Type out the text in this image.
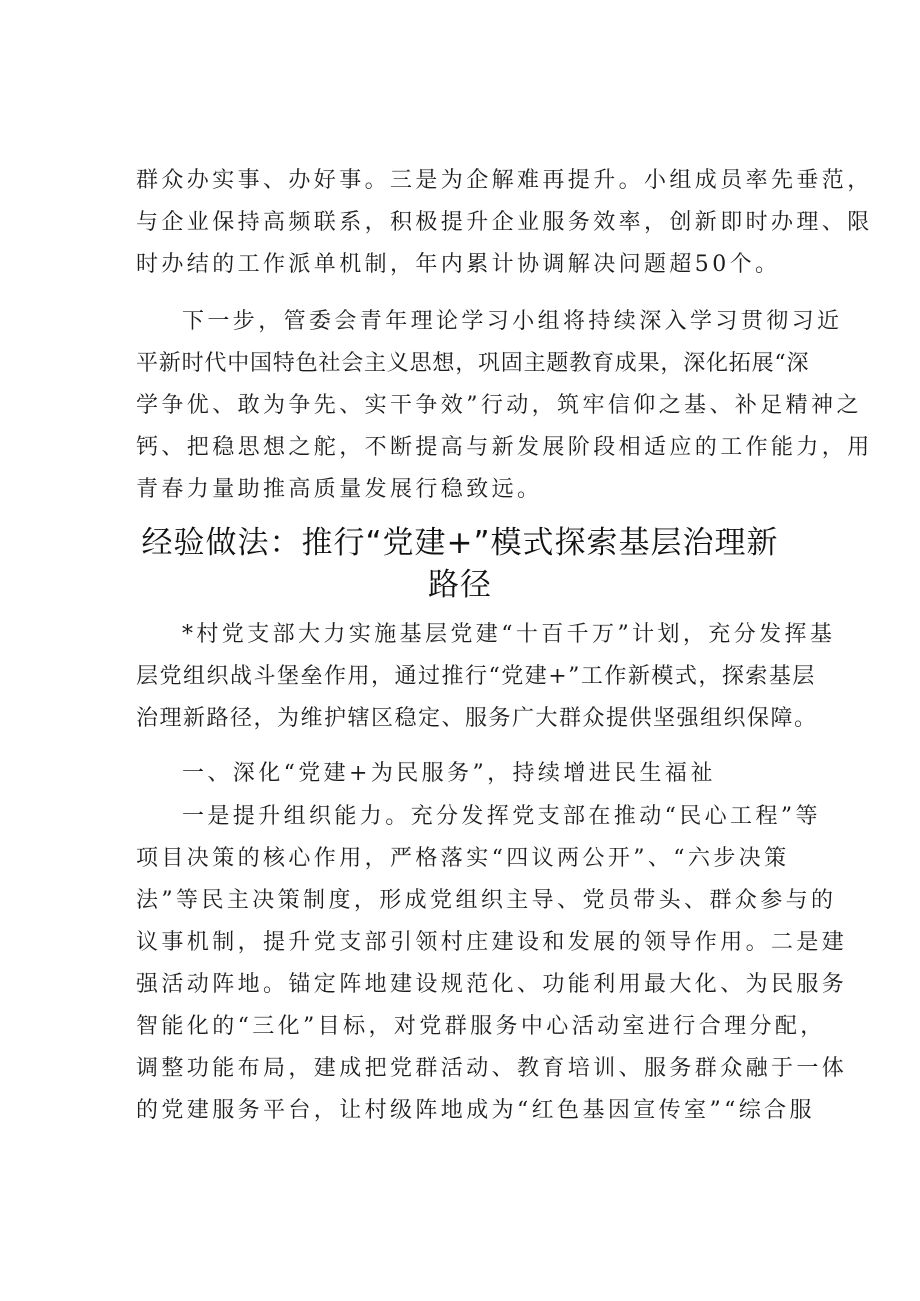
群众办实事、办好事。三是为企解难再提升。小组成员率先垂范，
与企业保持高频联系，积极提升企业服务效率，创新即时办理、限
时办结的工作派单机制，年内累计协调解决问题超50个。
下一步，管委会青年理论学习小组将持续深入学习贯彻习近
平新时代中国特色社会主义思想，巩固主题教育成果，深化拓展“深
学争优、敢为争先、实干争效”行动，筑牢信仰之基、补足精神之
钙、把稳思想之舵，不断提高与新发展阶段相适应的工作能力，用
青春力量助推高质量发展行稳致远。
经验做法：推行“党建+”模式探索基层治理新
路径
*村党支部大力实施基层党建“十百千万”计划，充分发挥基
层党组织战斗堡垒作用，通过推行“党建+”工作新模式，探索基层
治理新路径，为维护辖区稳定、服务广大群众提供坚强组织保障。
一、深化“党建+为民服务”，持续增进民生福祉
一是提升组织能力。充分发挥党支部在推动“民心工程”等
项目决策的核心作用，严格落实“四议两公开”、“六步决策
法”等民主决策制度，形成党组织主导、党员带头、群众参与的
议事机制，提升党支部引领村庄建设和发展的领导作用。二是建
强活动阵地。锚定阵地建设规范化、功能利用最大化、为民服务
智能化的“三化”目标，对党群服务中心活动室进行合理分配，
调整功能布局，建成把党群活动、教育培训、服务群众融于一体
的党建服务平台，让村级阵地成为“红色基因宣传室”“综合服
